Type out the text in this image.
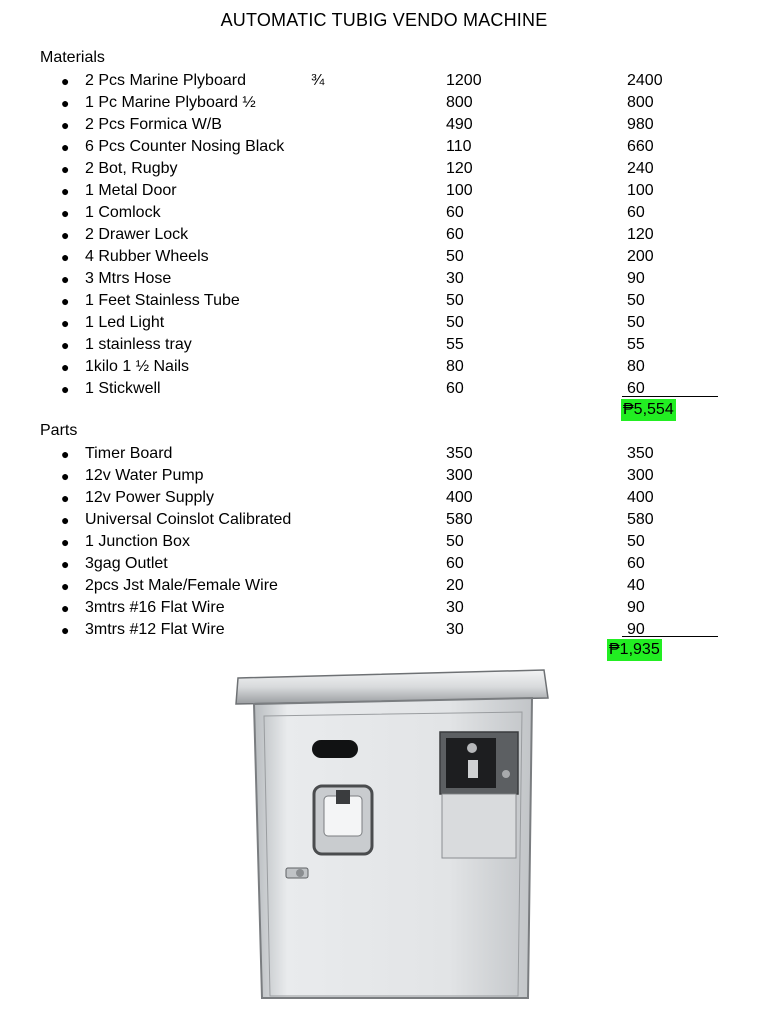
AUTOMATIC TUBIG VENDO MACHINE
Materials
● 2 Pcs Marine Plyboard	¾	1200	2400
● 1 Pc Marine Plyboard ½	800	800
● 2 Pcs Formica W/B	490	980
● 6 Pcs Counter Nosing Black	110	660
● 2 Bot, Rugby	120	240
● 1 Metal Door	100	100
● 1 Comlock	60	60
● 2 Drawer Lock	60	120
● 4 Rubber Wheels	50	200
● 3 Mtrs Hose	30	90
● 1 Feet Stainless Tube	50	50
● 1 Led Light	50	50
● 1 stainless tray	55	55
● 1kilo 1 ½ Nails	80	80
● 1 Stickwell	60	60
₱5,554
Parts
● Timer Board	350	350
● 12v Water Pump	300	300
● 12v Power Supply	400	400
● Universal Coinslot Calibrated	580	580
● 1 Junction Box	50	50
● 3gag Outlet	60	60
● 2pcs Jst Male/Female Wire	20	40
● 3mtrs #16 Flat Wire	30	90
● 3mtrs #12 Flat Wire	30	90
₱1,935
